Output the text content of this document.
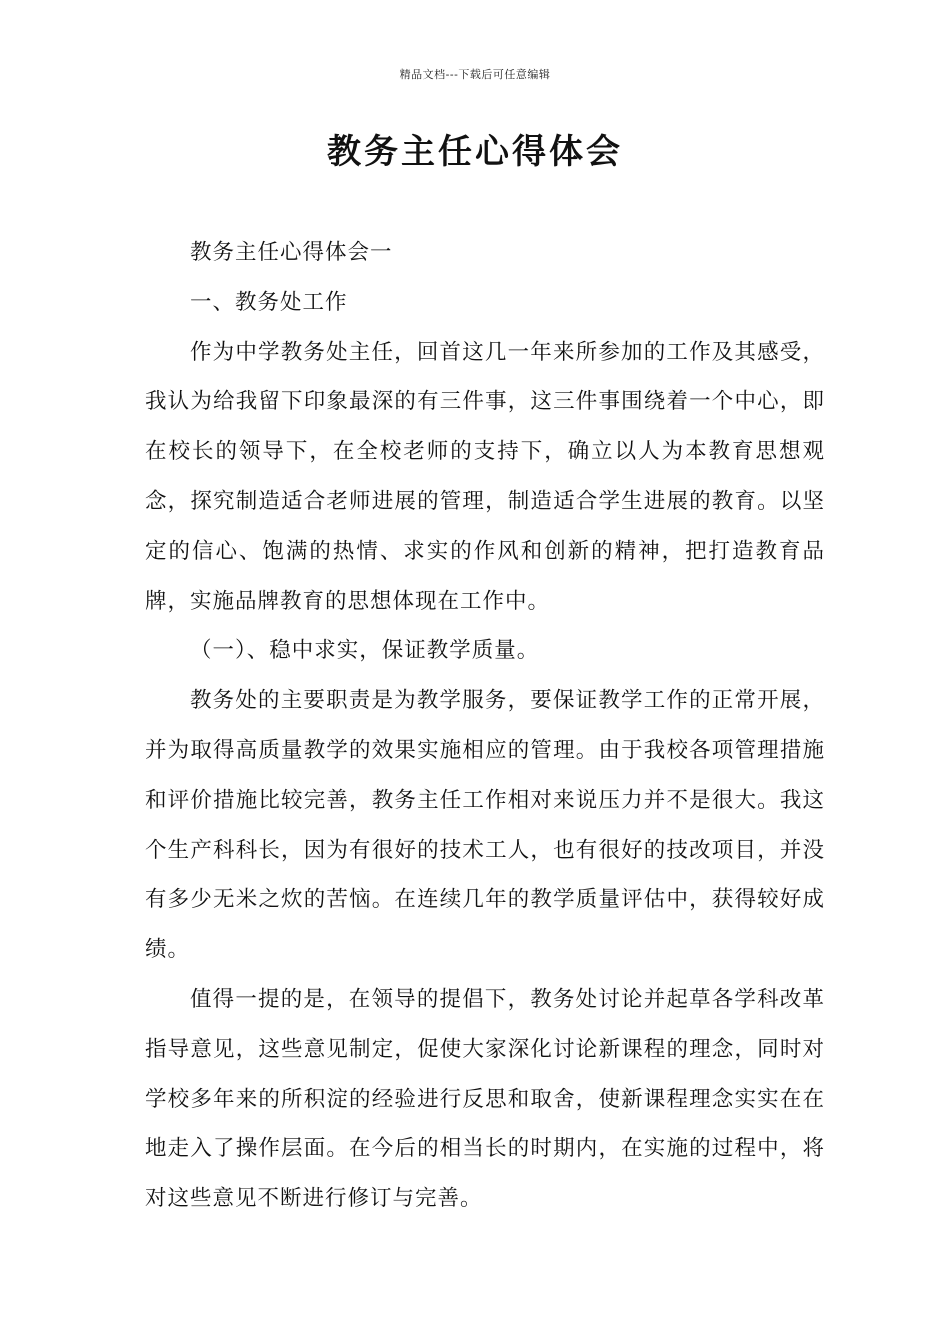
精品文档---下载后可任意编辑
教务主任心得体会

教务主任心得体会一

一、教务处工作

作为中学教务处主任，回首这几一年来所参加的工作及其感受，我认为给我留下印象最深的有三件事，这三件事围绕着一个中心，即在校长的领导下，在全校老师的支持下，确立以人为本教育思想观念，探究制造适合老师进展的管理，制造适合学生进展的教育。以坚定的信心、饱满的热情、求实的作风和创新的精神，把打造教育品牌，实施品牌教育的思想体现在工作中。

（一）、稳中求实，保证教学质量。

教务处的主要职责是为教学服务，要保证教学工作的正常开展，并为取得高质量教学的效果实施相应的管理。由于我校各项管理措施和评价措施比较完善，教务主任工作相对来说压力并不是很大。我这个生产科科长，因为有很好的技术工人，也有很好的技改项目，并没有多少无米之炊的苦恼。在连续几年的教学质量评估中，获得较好成绩。

值得一提的是，在领导的提倡下，教务处讨论并起草各学科改革指导意见，这些意见制定，促使大家深化讨论新课程的理念，同时对学校多年来的所积淀的经验进行反思和取舍，使新课程理念实实在在地走入了操作层面。在今后的相当长的时期内，在实施的过程中，将对这些意见不断进行修订与完善。
